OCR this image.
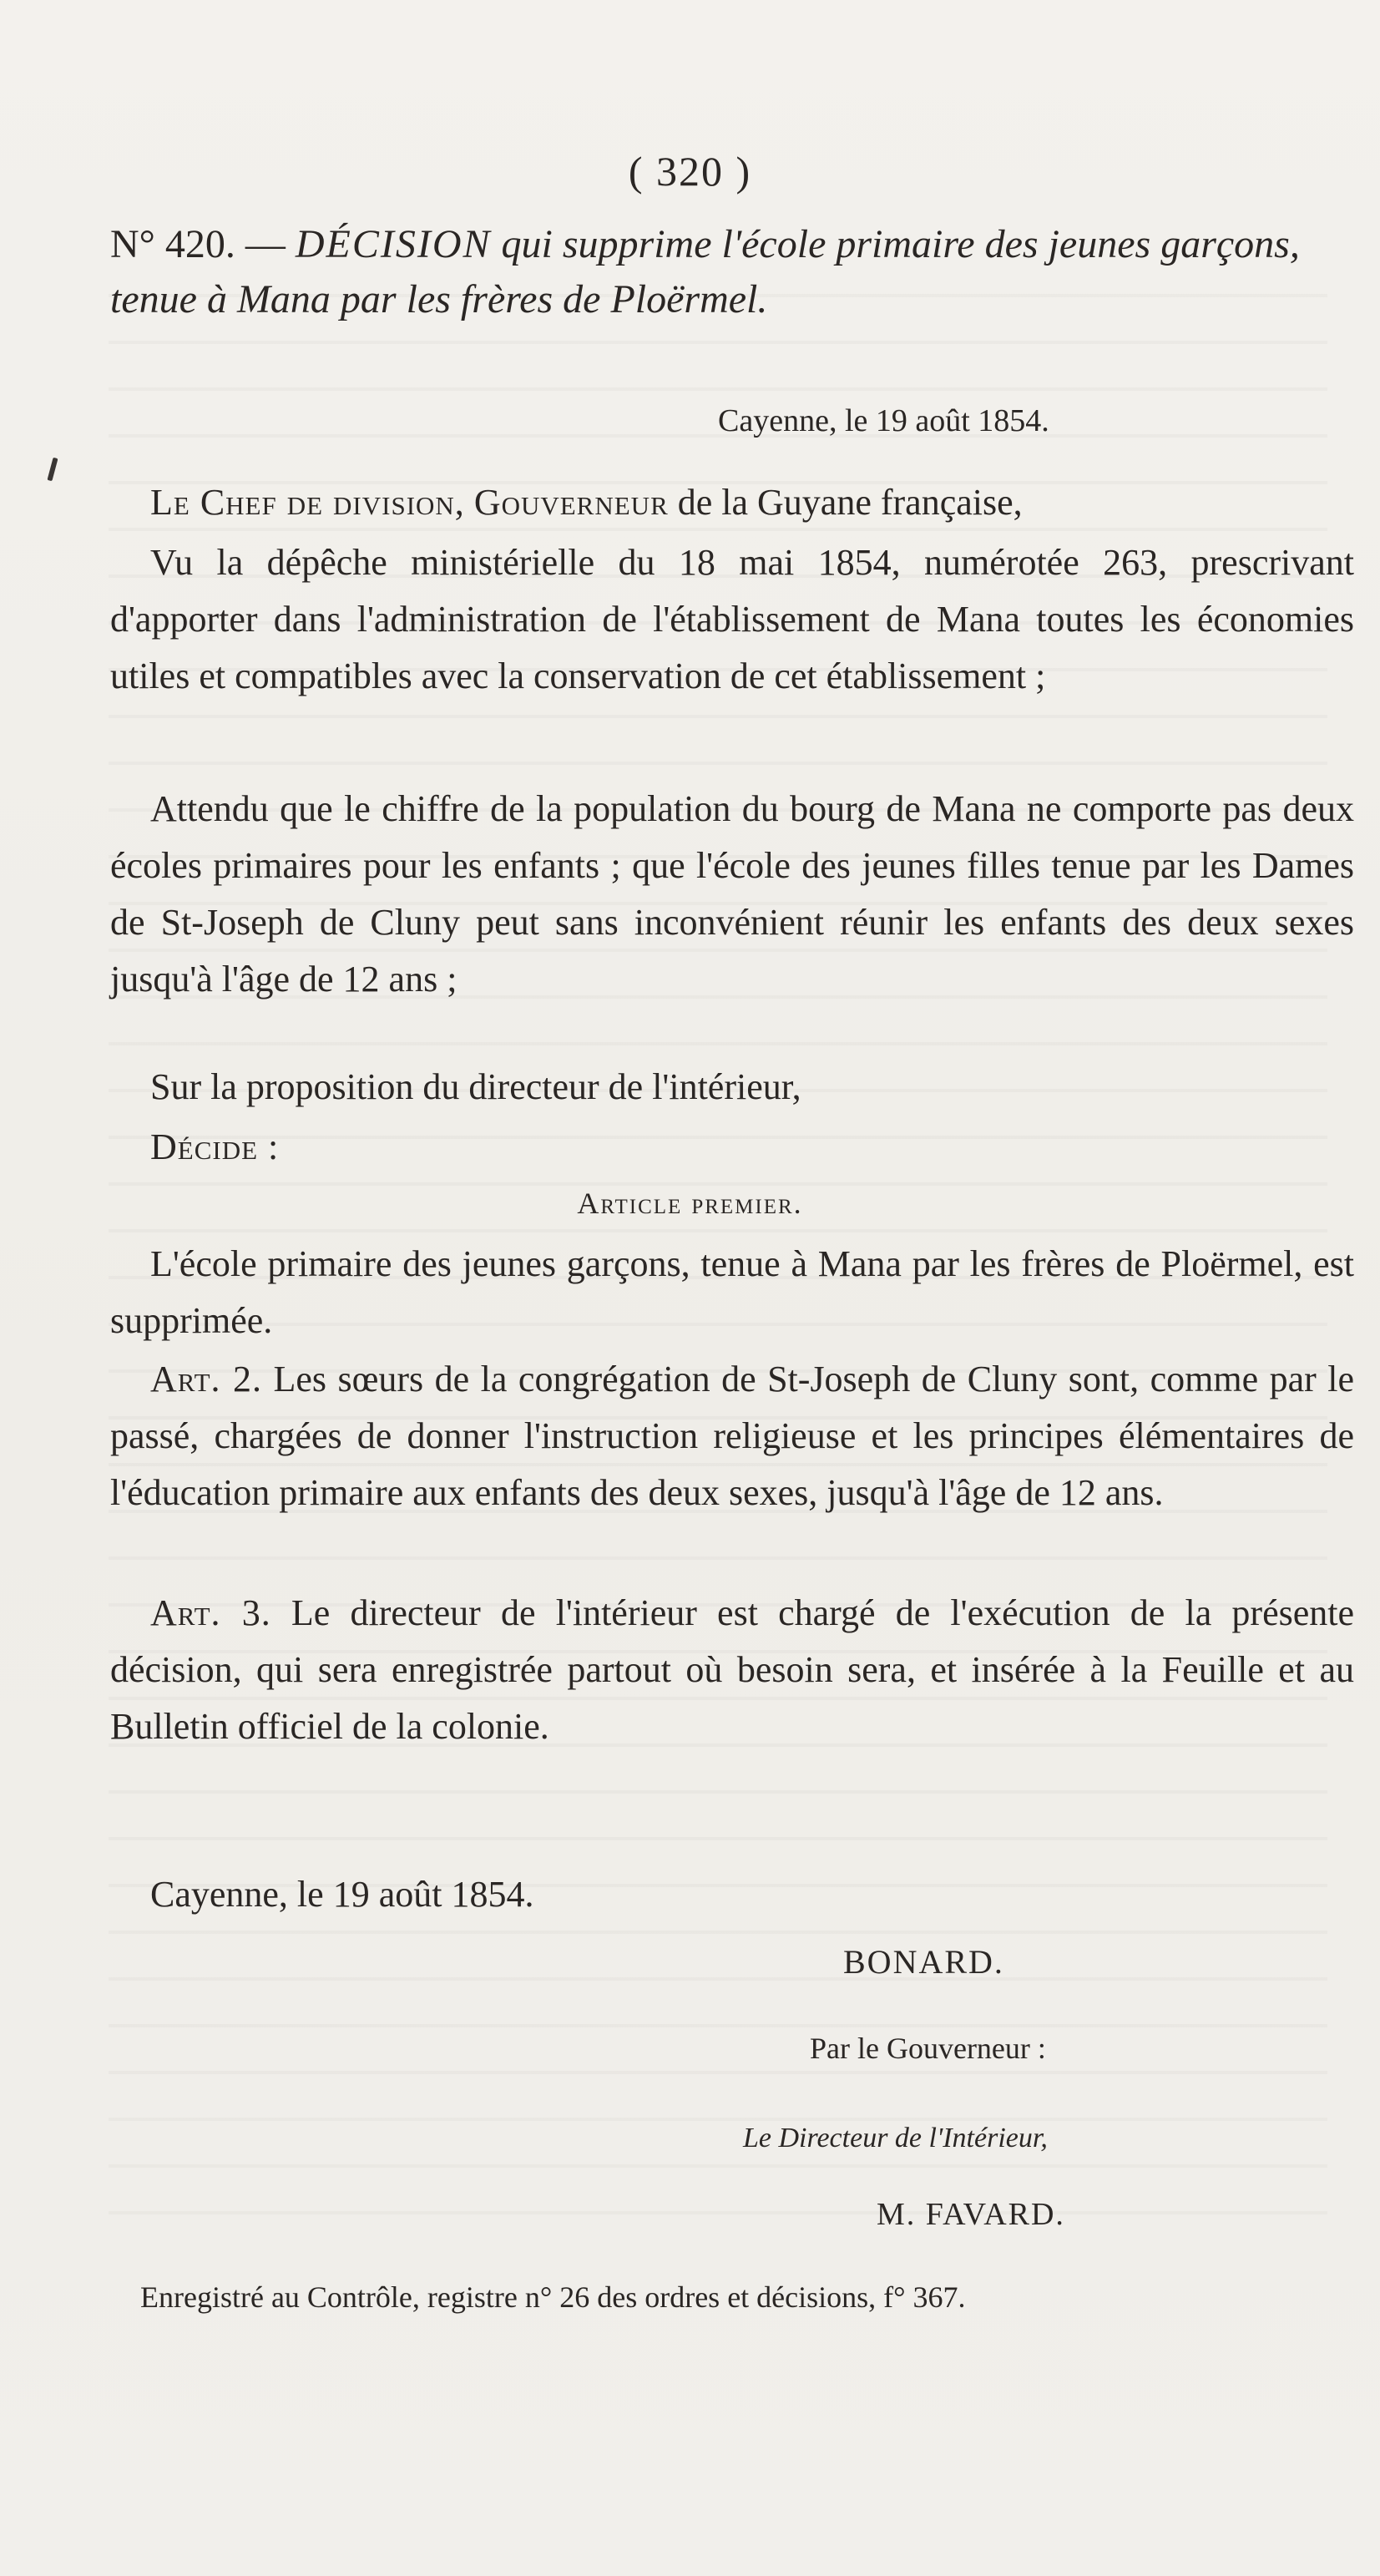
( 320 )
N° 420. — DÉCISION qui supprime l'école primaire des jeunes garçons, tenue à Mana par les frères de Ploërmel.
Cayenne, le 19 août 1854.
Le Chef de division, Gouverneur de la Guyane française,
Vu la dépêche ministérielle du 18 mai 1854, numérotée 263, prescrivant d'apporter dans l'administration de l'établissement de Mana toutes les économies utiles et compatibles avec la conservation de cet établissement ;
Attendu que le chiffre de la population du bourg de Mana ne comporte pas deux écoles primaires pour les enfants ; que l'école des jeunes filles tenue par les Dames de St-Joseph de Cluny peut sans inconvénient réunir les enfants des deux sexes jusqu'à l'âge de 12 ans ;
Sur la proposition du directeur de l'intérieur,
Décide :
Article premier.
L'école primaire des jeunes garçons, tenue à Mana par les frères de Ploërmel, est supprimée.
Art. 2. Les sœurs de la congrégation de St-Joseph de Cluny sont, comme par le passé, chargées de donner l'instruction religieuse et les principes élémentaires de l'éducation primaire aux enfants des deux sexes, jusqu'à l'âge de 12 ans.
Art. 3. Le directeur de l'intérieur est chargé de l'exécution de la présente décision, qui sera enregistrée partout où besoin sera, et insérée à la Feuille et au Bulletin officiel de la colonie.
Cayenne, le 19 août 1854.
BONARD.
Par le Gouverneur :
Le Directeur de l'Intérieur,
M. FAVARD.
Enregistré au Contrôle, registre n° 26 des ordres et décisions, f° 367.
